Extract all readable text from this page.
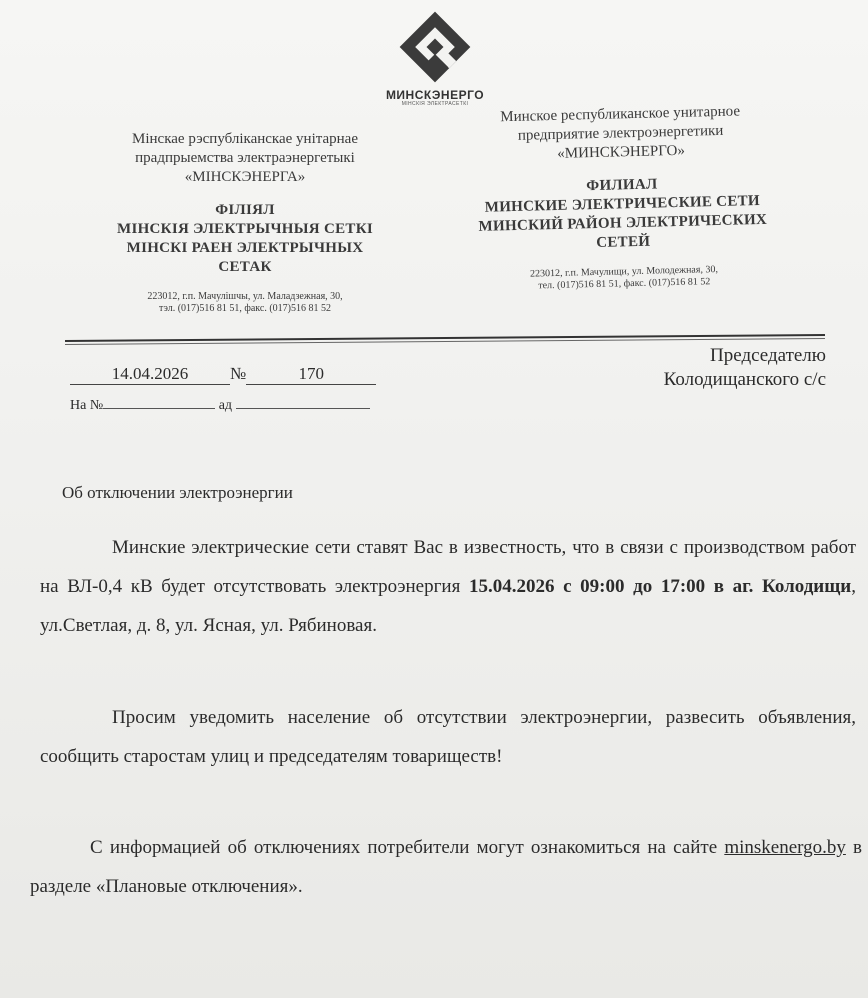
МИНСКЭНЕРГО
МІНСКІЯ ЭЛЕКТРАСЕТКІ
Мінскае рэспубліканскае унітарнае
прадпрыемства электраэнергетыкі
«МІНСКЭНЕРГА»
ФІЛІЯЛ
МІНСКІЯ ЭЛЕКТРЫЧНЫЯ СЕТКІ
МІНСКІ РАЕН ЭЛЕКТРЫЧНЫХ
СЕТАК
223012, г.п. Мачулішчы, ул. Маладзежная, 30,
тэл. (017)516 81 51, факс. (017)516 81 52
Минское республиканское унитарное
предприятие электроэнергетики
«МИНСКЭНЕРГО»
ФИЛИАЛ
МИНСКИЕ ЭЛЕКТРИЧЕСКИЕ СЕТИ
МИНСКИЙ РАЙОН ЭЛЕКТРИЧЕСКИХ
СЕТЕЙ
223012, г.п. Мачулищи, ул. Молодежная, 30,
тел. (017)516 81 51, факс. (017)516 81 52
14.04.2026 №	170
На №	ад
Председателю
Колодищанского с/с
Об отключении электроэнергии
Минские электрические сети ставят Вас в известность, что в связи с производством работ на ВЛ-0,4 кВ будет отсутствовать электроэнергия 15.04.2026 с 09:00 до 17:00 в аг. Колодищи, ул.Светлая, д. 8, ул. Ясная, ул. Рябиновая.
Просим уведомить население об отсутствии электроэнергии, развесить объявления, сообщить старостам улиц и председателям товариществ!
С информацией об отключениях потребители могут ознакомиться на сайте minskenergo.by в разделе «Плановые отключения».
